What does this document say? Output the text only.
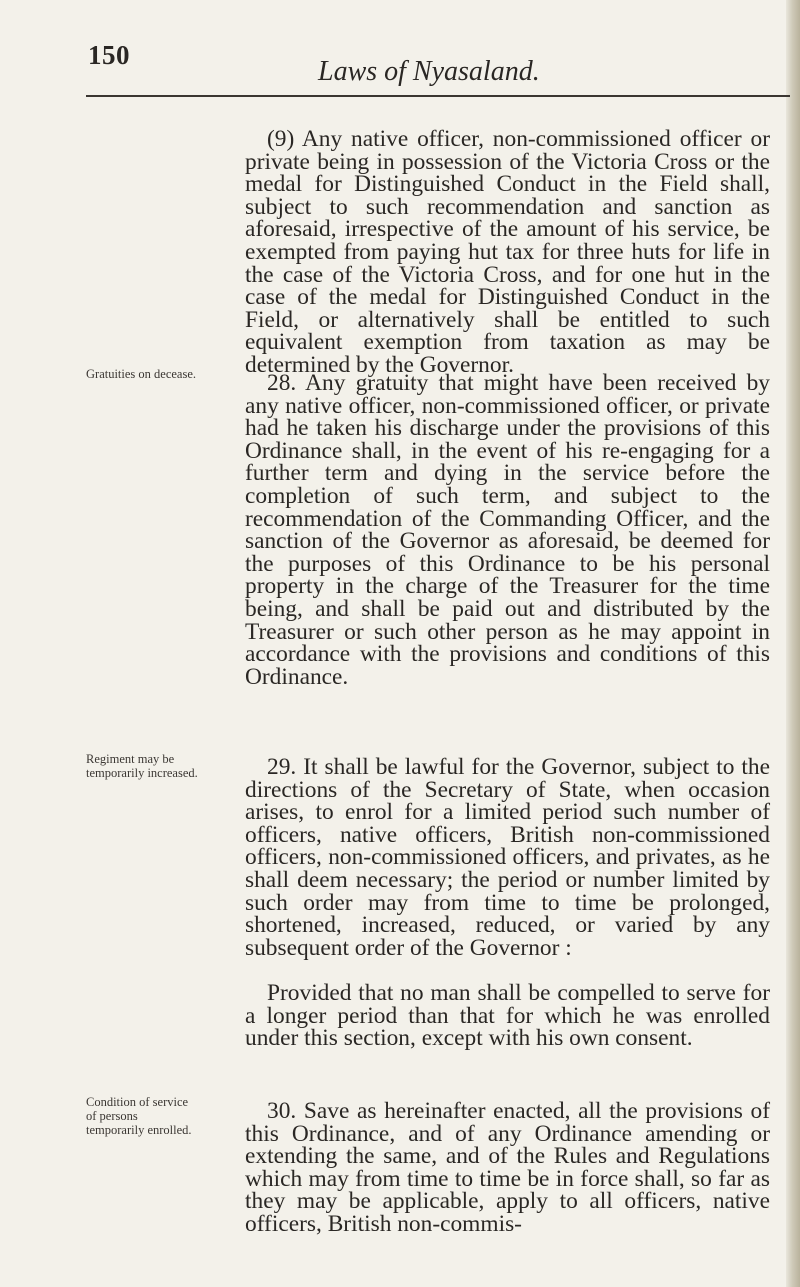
150
Laws of Nyasaland.

(9) Any native officer, non-commissioned officer or private being in possession of the Victoria Cross or the medal for Distinguished Conduct in the Field shall, subject to such recommendation and sanction as aforesaid, irrespective of the amount of his service, be exempted from paying hut tax for three huts for life in the case of the Victoria Cross, and for one hut in the case of the medal for Distinguished Conduct in the Field, or alternatively shall be entitled to such equivalent exemption from taxation as may be determined by the Governor.

Gratuities on decease.	28. Any gratuity that might have been received by any native officer, non-commissioned officer, or private had he taken his discharge under the provisions of this Ordinance shall, in the event of his re-engaging for a further term and dying in the service before the completion of such term, and subject to the recommendation of the Commanding Officer, and the sanction of the Governor as aforesaid, be deemed for the purposes of this Ordinance to be his personal property in the charge of the Treasurer for the time being, and shall be paid out and distributed by the Treasurer or such other person as he may appoint in accordance with the provisions and conditions of this Ordinance.

Regiment may be temporarily increased.	29. It shall be lawful for the Governor, subject to the directions of the Secretary of State, when occasion arises, to enrol for a limited period such number of officers, native officers, British non-commissioned officers, non-commissioned officers, and privates, as he shall deem necessary; the period or number limited by such order may from time to time be prolonged, shortened, increased, reduced, or varied by any subsequent order of the Governor :

Provided that no man shall be compelled to serve for a longer period than that for which he was enrolled under this section, except with his own consent.

Condition of service of persons temporarily enrolled.

30. Save as hereinafter enacted, all the provisions of this Ordinance, and of any Ordinance amending or extending the same, and of the Rules and Regulations which may from time to time be in force shall, so far as they may be applicable, apply to all officers, native officers, British non-commis-
